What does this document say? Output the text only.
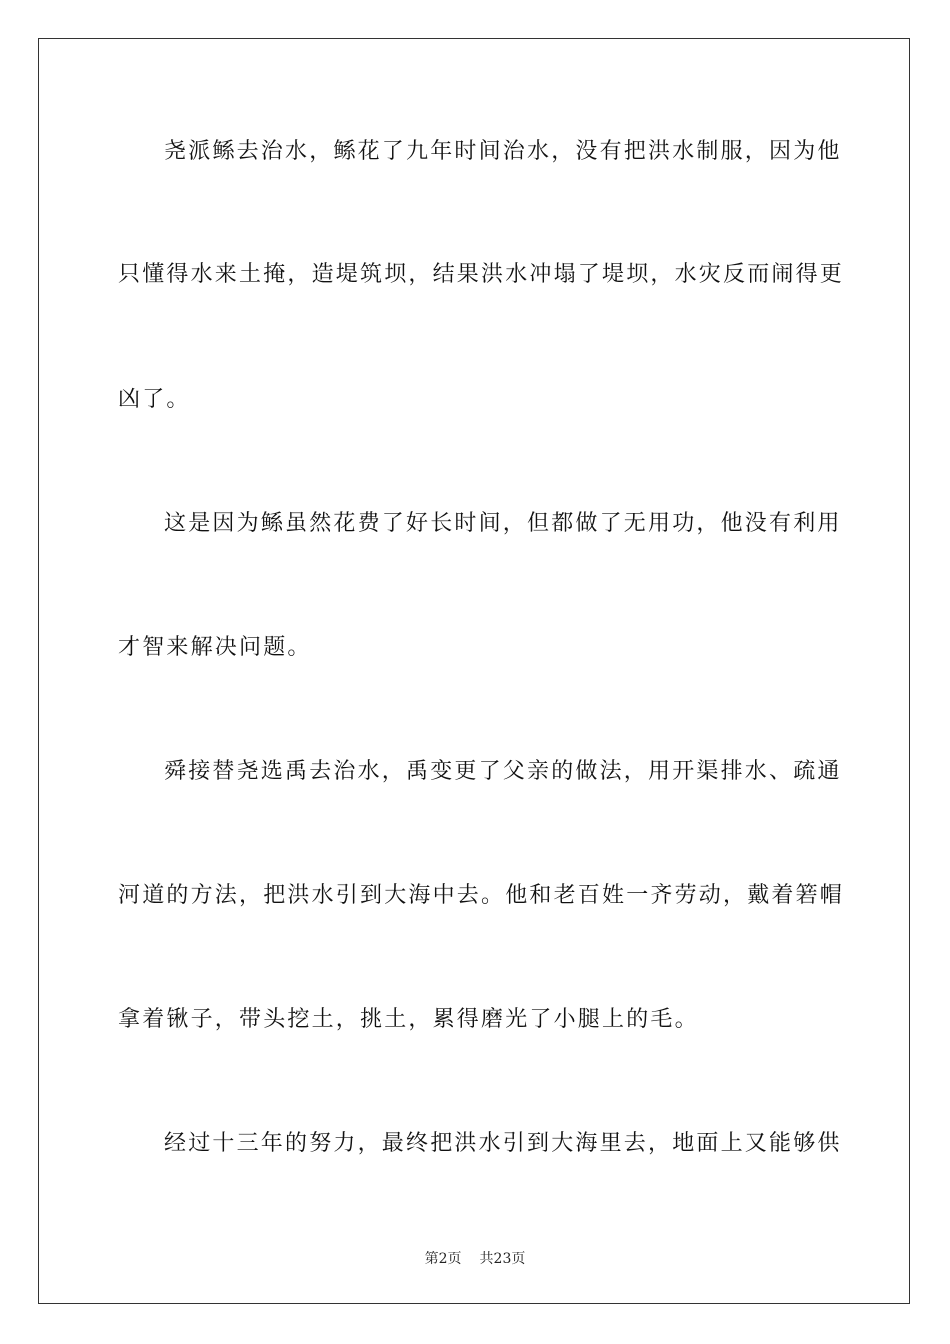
尧派鲧去治水，鲧花了九年时间治水，没有把洪水制服，因为他
只懂得水来土掩，造堤筑坝，结果洪水冲塌了堤坝，水灾反而闹得更
凶了。
这是因为鲧虽然花费了好长时间，但都做了无用功，他没有利用
才智来解决问题。
舜接替尧选禹去治水，禹变更了父亲的做法，用开渠排水、疏通
河道的方法，把洪水引到大海中去。他和老百姓一齐劳动，戴着箬帽
拿着锹子，带头挖土，挑土，累得磨光了小腿上的毛。
经过十三年的努力，最终把洪水引到大海里去，地面上又能够供
第2页 共23页
